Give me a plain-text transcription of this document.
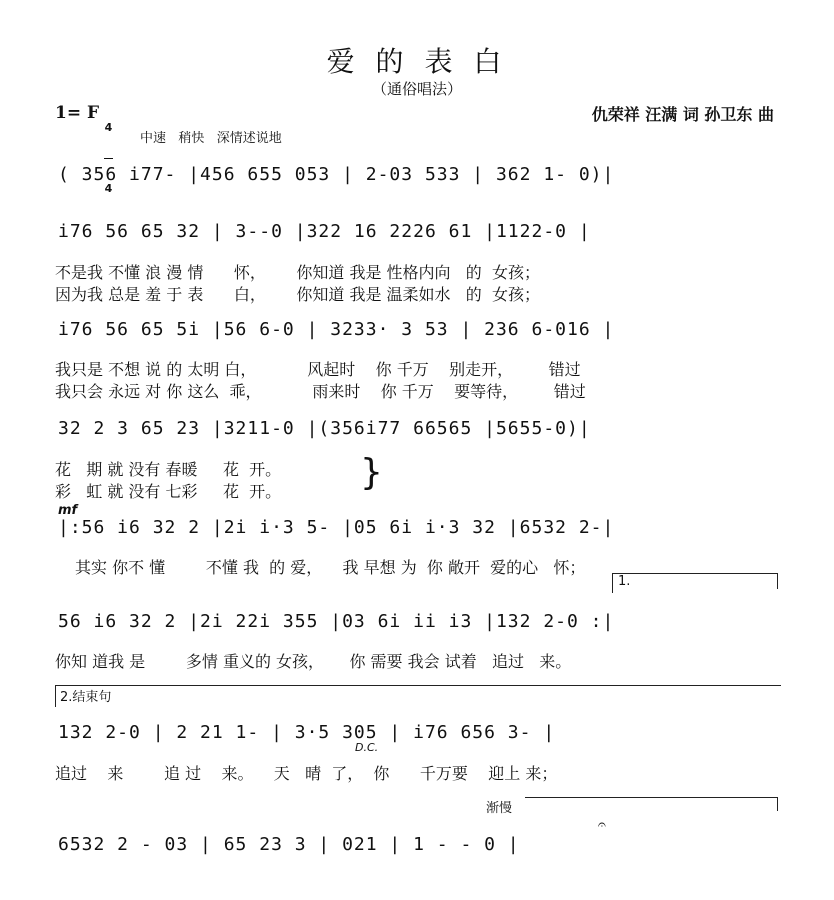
爱 的 表 白
（通俗唱法）
1= F

4

4

仇荣祥 汪满 词 孙卫东 曲
中速   稍快   深情述说地
( 356 i77- |456 655 053 | 2-03 533 | 362 1- 0)|
i76 56 65 32 | 3--0 |322 16 2226 61 |1122-0 |
不是我 不懂 浪 漫 情      怀，      你知道 我是 性格内向   的  女孩；
因为我 总是 羞 于 表      白，      你知道 我是 温柔如水   的  女孩；
i76 56 65 5i |56 6-0 | 3233· 3 53 | 236 6-016 |
我只是 不想 说 的 太明 白，          风起时    你 千万    别走开，       错过
我只会 永远 对 你 这么  乖，          雨来时    你 千万    要等待，       错过
32 2 3 65 23 |3211-0 |(356i77 66565 |5655-0)|
花   期 就 没有 春暖     花  开。
彩   虹 就 没有 七彩     花  开。 }
mf
|:56 i6 32 2 |2i i·3 5- |05 6i i·3 32 |6532 2-|
其实 你不 懂        不懂 我  的 爱，    我 早想 为  你 敞开  爱的心   怀；
1.
56 i6 32 2 |2i 22i 355 |03 6i ii i3 |132 2-0 :|
你知 道我 是        多情 重义的 女孩，     你 需要 我会 试着   追过   来。
2.结束句
132 2-0 | 2 21 1- | 3·5 305 | i76 656 3- |
D.C.
追过    来        追 过    来。    天   晴  了，  你      千万要    迎上 来；
渐慢
𝄐
6532 2 - 03 | 65 23 3 | 021 | 1 - - 0 |
